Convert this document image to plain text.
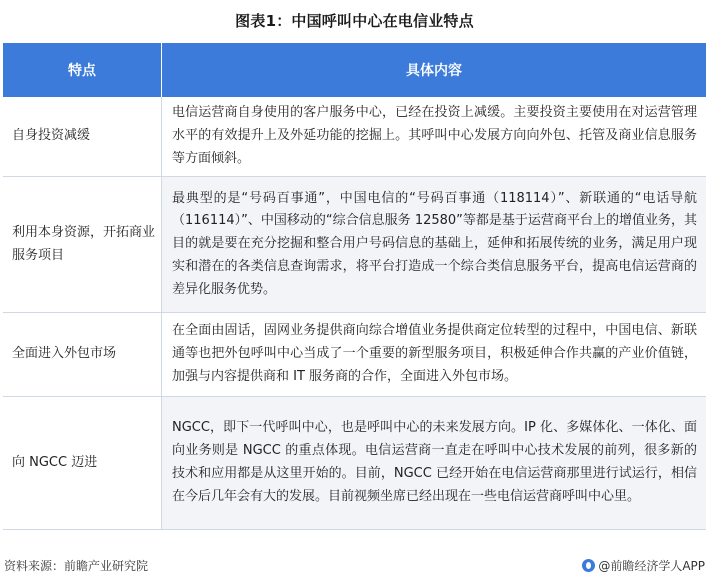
图表1：中国呼叫中心在电信业特点
特点	具体内容
自身投资减缓	电信运营商自身使用的客户服务中心，已经在投资上减缓。主要投资主要使用在对运营管理水平的有效提升上及外延功能的挖掘上。其呼叫中心发展方向向外包、托管及商业信息服务等方面倾斜。
利用本身资源，开拓商业服务项目	最典型的是“号码百事通”，中国电信的“号码百事通（118114）”、新联通的“电话导航（116114）”、中国移动的“综合信息服务 12580”等都是基于运营商平台上的增值业务，其目的就是要在充分挖掘和整合用户号码信息的基础上，延伸和拓展传统的业务，满足用户现实和潜在的各类信息查询需求，将平台打造成一个综合类信息服务平台，提高电信运营商的差异化服务优势。
全面进入外包市场	在全面由固话，固网业务提供商向综合增值业务提供商定位转型的过程中，中国电信、新联通等也把外包呼叫中心当成了一个重要的新型服务项目，积极延伸合作共赢的产业价值链，加强与内容提供商和 IT 服务商的合作，全面进入外包市场。
向 NGCC 迈进	NGCC，即下一代呼叫中心，也是呼叫中心的未来发展方向。IP 化、多媒体化、一体化、面向业务则是 NGCC 的重点体现。电信运营商一直走在呼叫中心技术发展的前列，很多新的技术和应用都是从这里开始的。目前，NGCC 已经开始在电信运营商那里进行试运行，相信在今后几年会有大的发展。目前视频坐席已经出现在一些电信运营商呼叫中心里。
资料来源：前瞻产业研究院	@前瞻经济学人APP
